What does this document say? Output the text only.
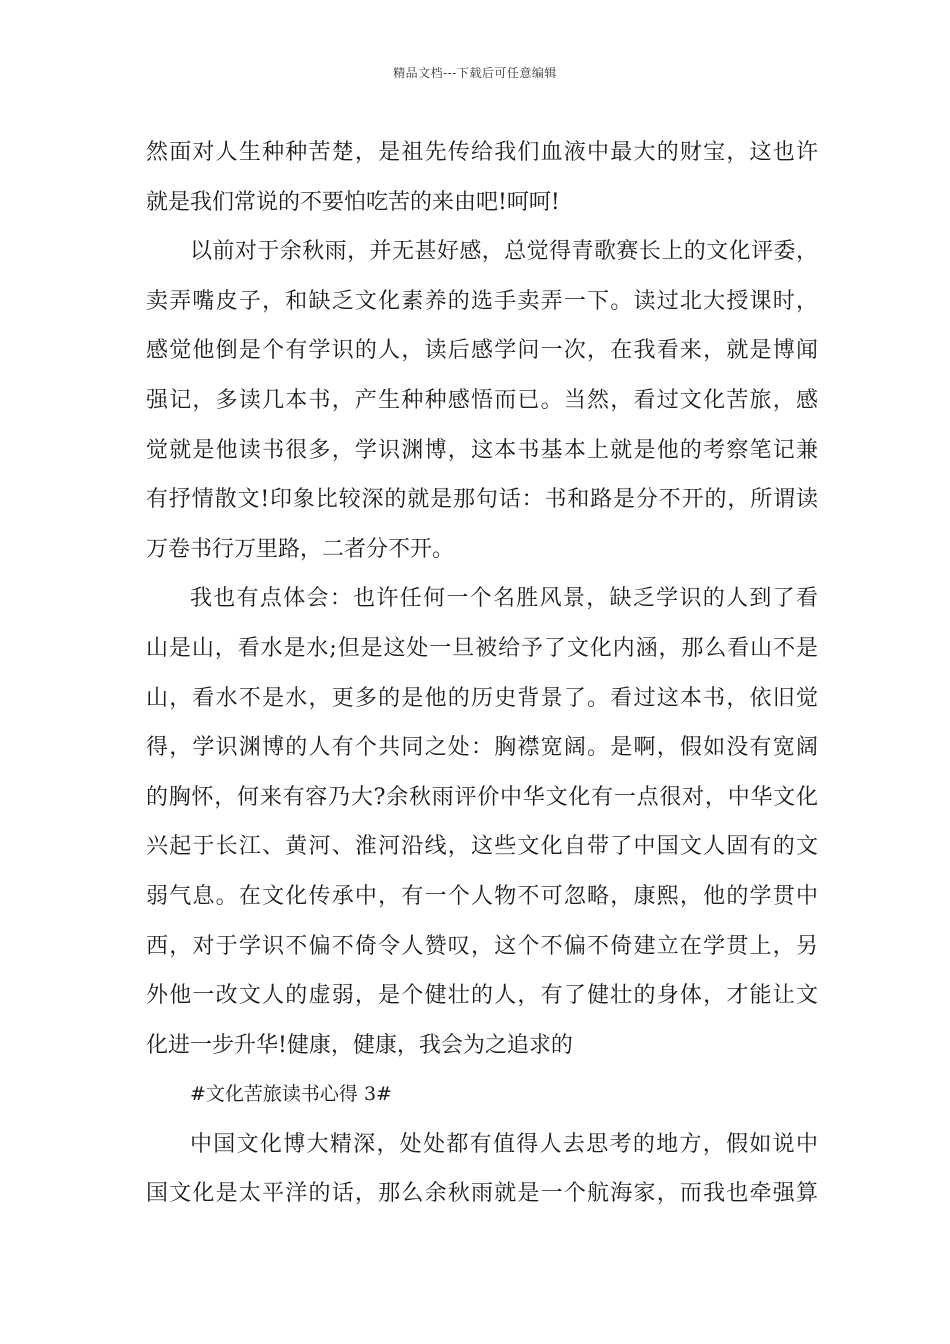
精品文档---下载后可任意编辑
然面对人生种种苦楚，是祖先传给我们血液中最大的财宝，这也许
就是我们常说的不要怕吃苦的来由吧!呵呵!
以前对于余秋雨，并无甚好感，总觉得青歌赛长上的文化评委，
卖弄嘴皮子，和缺乏文化素养的选手卖弄一下。读过北大授课时，
感觉他倒是个有学识的人，读后感学问一次，在我看来，就是博闻
强记，多读几本书，产生种种感悟而已。当然，看过文化苦旅，感
觉就是他读书很多，学识渊博，这本书基本上就是他的考察笔记兼
有抒情散文!印象比较深的就是那句话：书和路是分不开的，所谓读
万卷书行万里路，二者分不开。
我也有点体会：也许任何一个名胜风景，缺乏学识的人到了看
山是山，看水是水;但是这处一旦被给予了文化内涵，那么看山不是
山，看水不是水，更多的是他的历史背景了。看过这本书，依旧觉
得，学识渊博的人有个共同之处：胸襟宽阔。是啊，假如没有宽阔
的胸怀，何来有容乃大?余秋雨评价中华文化有一点很对，中华文化
兴起于长江、黄河、淮河沿线，这些文化自带了中国文人固有的文
弱气息。在文化传承中，有一个人物不可忽略，康熙，他的学贯中
西，对于学识不偏不倚令人赞叹，这个不偏不倚建立在学贯上，另
外他一改文人的虚弱，是个健壮的人，有了健壮的身体，才能让文
化进一步升华!健康，健康，我会为之追求的
#文化苦旅读书心得 3#
中国文化博大精深，处处都有值得人去思考的地方，假如说中
国文化是太平洋的话，那么余秋雨就是一个航海家，而我也牵强算
